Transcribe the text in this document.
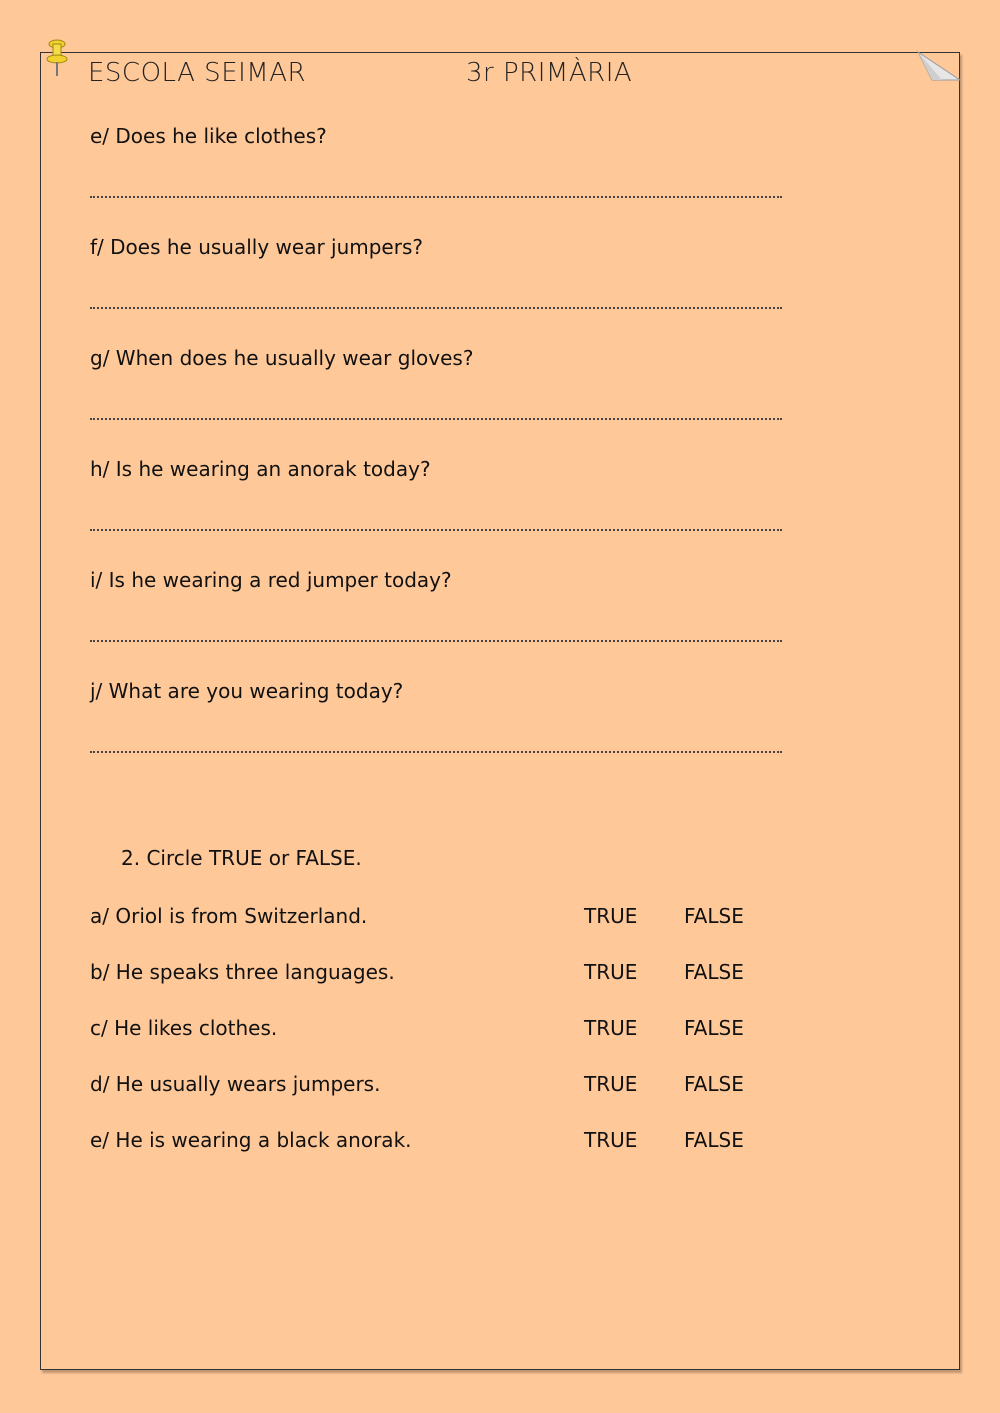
ESCOLA SEIMAR	3r PRIMÀRIA
e/ Does he like clothes?
f/ Does he usually wear jumpers?
g/ When does he usually wear gloves?
h/ Is he wearing an anorak today?
i/ Is he wearing a red jumper today?
j/ What are you wearing today?
2. Circle TRUE or FALSE.
a/ Oriol is from Switzerland.	TRUE FALSE
b/ He speaks three languages.	TRUE FALSE
c/ He likes clothes.	TRUE FALSE
d/ He usually wears jumpers.	TRUE FALSE
e/ He is wearing a black anorak.	TRUE FALSE
